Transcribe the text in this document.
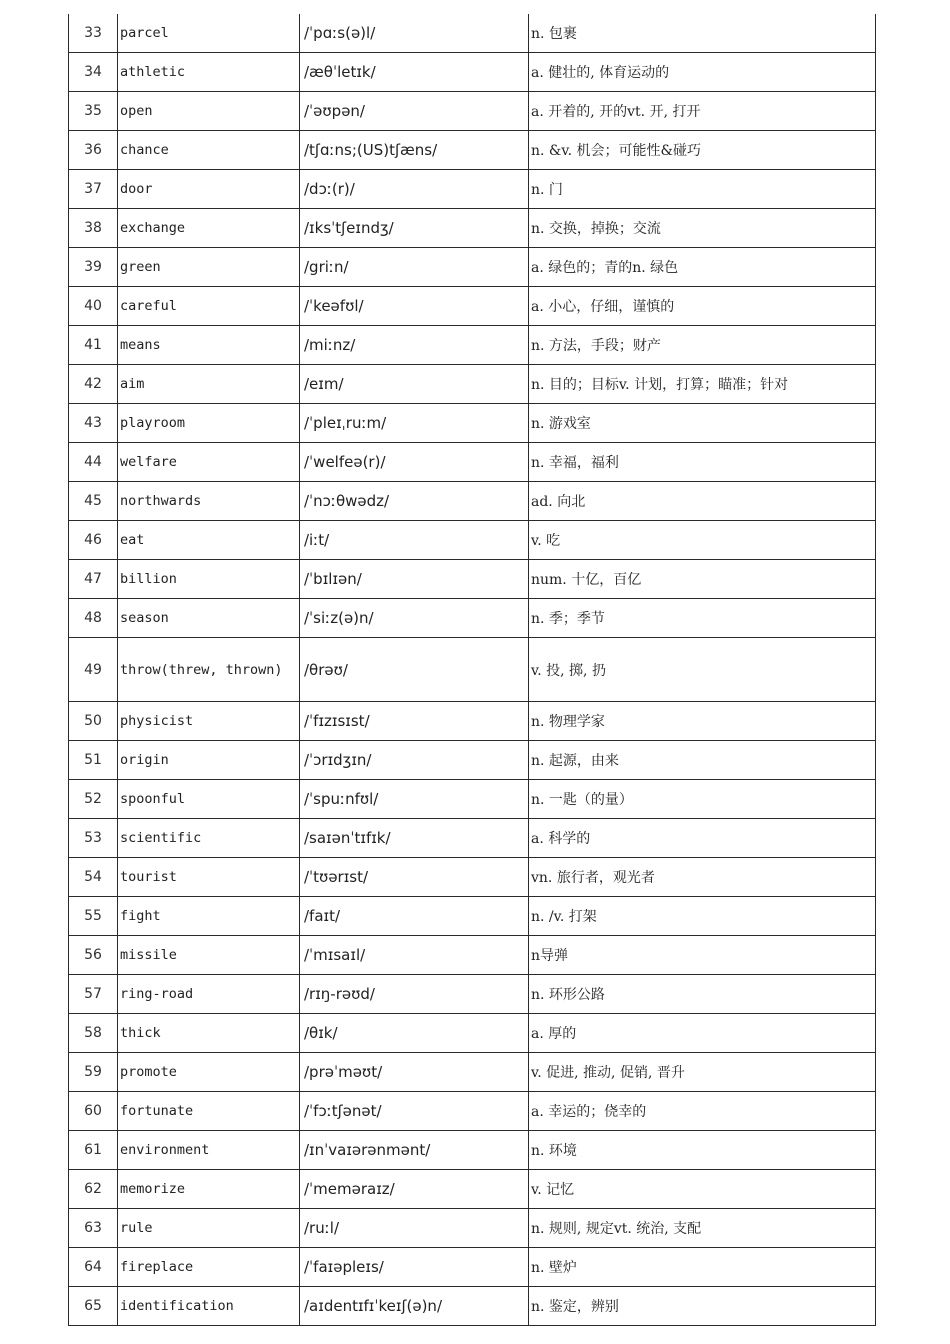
33	parcel	/ˈpɑːs(ə)l/	n. 包裹
34	athletic	/æθˈletɪk/	a. 健壮的, 体育运动的
35	open	/ˈəʊpən/	a. 开着的, 开的vt. 开, 打开
36	chance	/tʃɑːns;(US)tʃæns/	n. &v. 机会；可能性&碰巧
37	door	/dɔː(r)/	n. 门
38	exchange	/ɪksˈtʃeɪndʒ/	n. 交换，掉换；交流
39	green	/griːn/	a. 绿色的；青的n. 绿色
40	careful	/ˈkeəfʊl/	a. 小心，仔细，谨慎的
41	means	/miːnz/	n. 方法，手段；财产
42	aim	/eɪm/	n. 目的；目标v. 计划，打算；瞄准；针对
43	playroom	/ˈpleɪˌruːm/	n. 游戏室
44	welfare	/ˈwelfeə(r)/	n. 幸福，福利
45	northwards	/ˈnɔːθwədz/	ad. 向北
46	eat	/iːt/	v. 吃
47	billion	/ˈbɪlɪən/	num. 十亿，百亿
48	season	/ˈsiːz(ə)n/	n. 季；季节
49	throw(threw, thrown)	/θrəʊ/	v. 投, 掷, 扔
50	physicist	/ˈfɪzɪsɪst/	n. 物理学家
51	origin	/ˈɔrɪdʒɪn/	n. 起源，由来
52	spoonful	/ˈspuːnfʊl/	n. 一匙（的量）
53	scientific	/saɪənˈtɪfɪk/	a. 科学的
54	tourist	/ˈtʊərɪst/	vn. 旅行者，观光者
55	fight	/faɪt/	n. /v. 打架
56	missile	/ˈmɪsaɪl/	n导弹
57	ring-road	/rɪŋ-rəʊd/	n. 环形公路
58	thick	/θɪk/	a. 厚的
59	promote	/prəˈməʊt/	v. 促进, 推动, 促销, 晋升
60	fortunate	/ˈfɔːtʃənət/	a. 幸运的；侥幸的
61	environment	/ɪnˈvaɪərənmənt/	n. 环境
62	memorize	/ˈmeməraɪz/	v. 记忆
63	rule	/ruːl/	n. 规则, 规定vt. 统治, 支配
64	fireplace	/ˈfaɪəpleɪs/	n. 壁炉
65	identification	/aɪdentɪfɪˈkeɪʃ(ə)n/	n. 鉴定，辨别
